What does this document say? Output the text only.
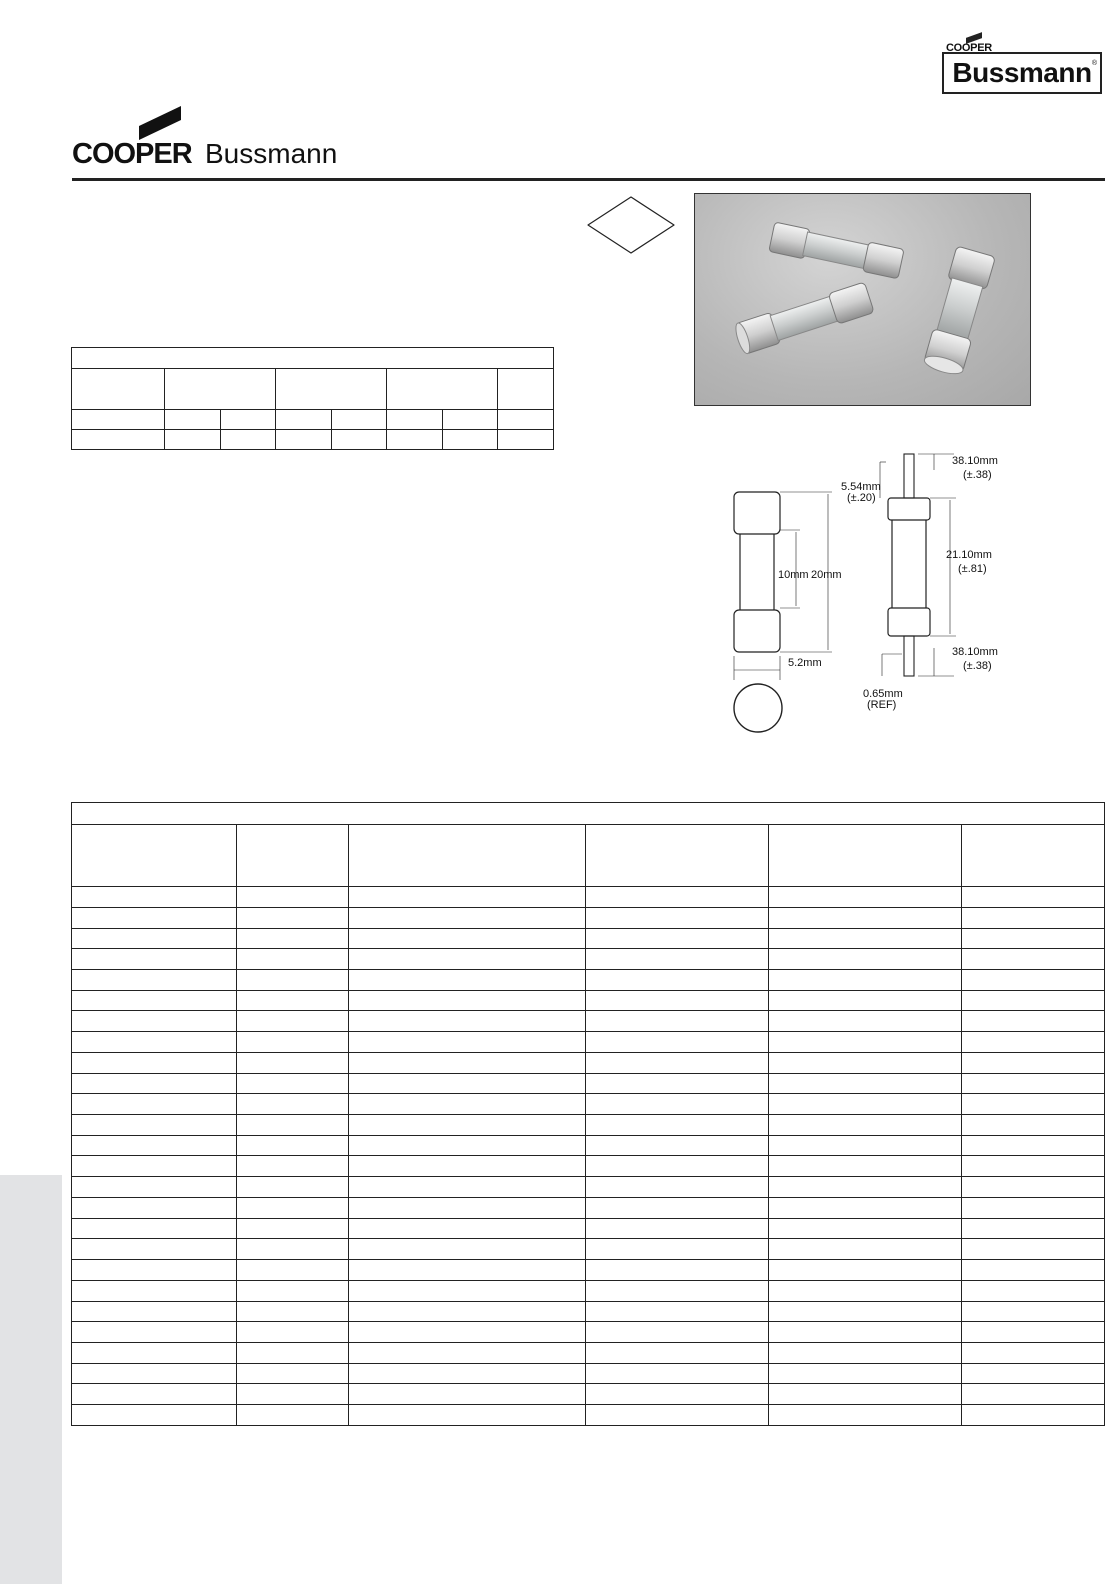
COOPER
Bussmann ®
COOPER Bussmann

10mm 20mm
5.2mm
38.10mm
(±.38)
5.54mm
(±.20)
21.10mm
(±.81)
38.10mm
(±.38)
0.65mm
(REF)
